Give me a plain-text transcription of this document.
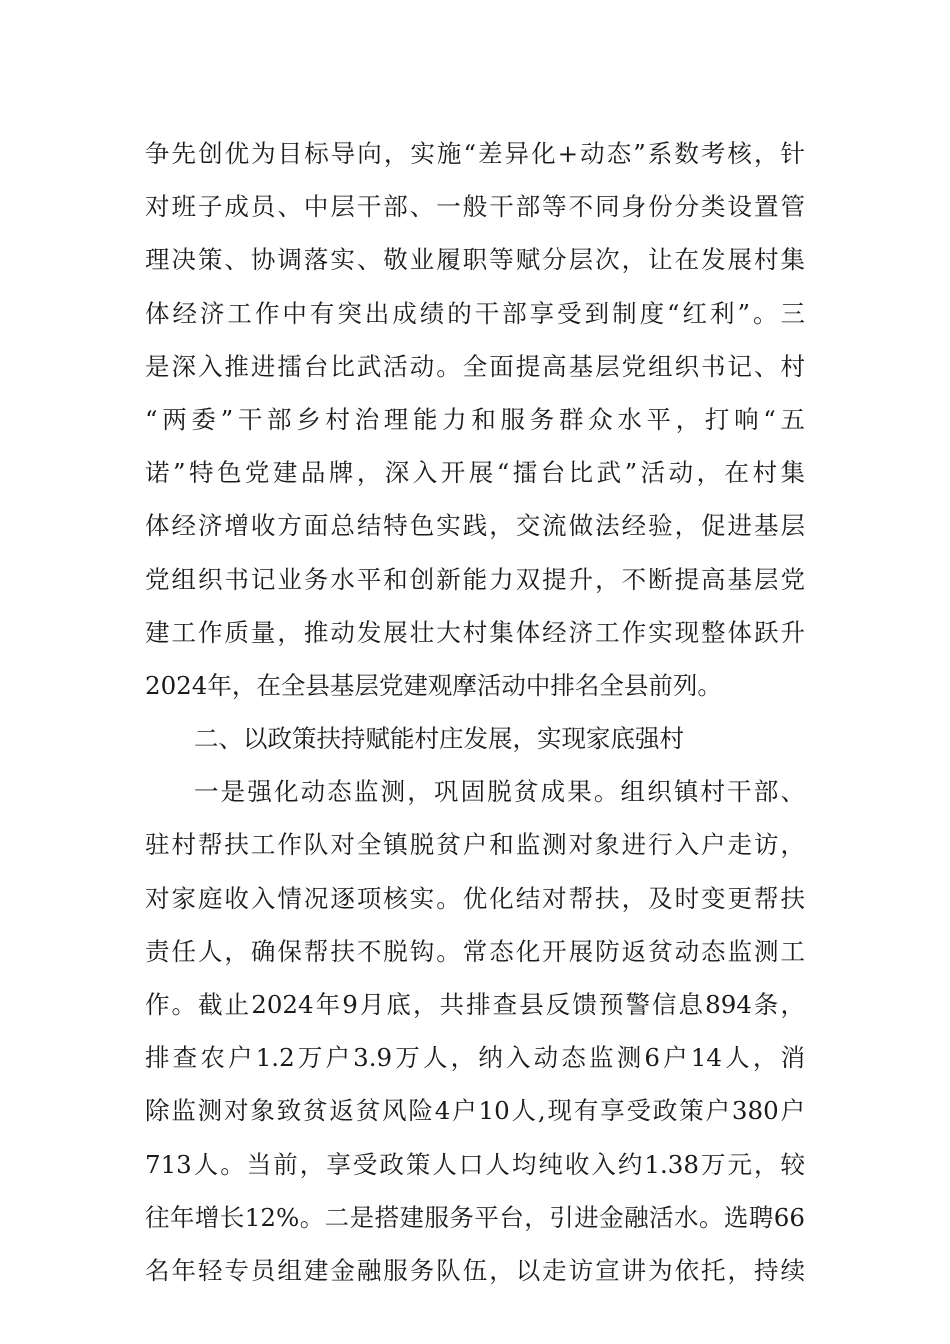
争先创优为目标导向，实施“差异化+动态”系数考核，针
对班子成员、中层干部、一般干部等不同身份分类设置管
理决策、协调落实、敬业履职等赋分层次，让在发展村集
体经济工作中有突出成绩的干部享受到制度“红利”。三
是深入推进擂台比武活动。全面提高基层党组织书记、村
“两委”干部乡村治理能力和服务群众水平，打响“五
诺”特色党建品牌，深入开展“擂台比武”活动，在村集
体经济增收方面总结特色实践，交流做法经验，促进基层
党组织书记业务水平和创新能力双提升，不断提高基层党
建工作质量，推动发展壮大村集体经济工作实现整体跃升
2024年，在全县基层党建观摩活动中排名全县前列。
二、以政策扶持赋能村庄发展，实现家底强村
一是强化动态监测，巩固脱贫成果。组织镇村干部、
驻村帮扶工作队对全镇脱贫户和监测对象进行入户走访，
对家庭收入情况逐项核实。优化结对帮扶，及时变更帮扶
责任人，确保帮扶不脱钩。常态化开展防返贫动态监测工
作。截止2024年9月底，共排查县反馈预警信息894条，
排查农户1.2万户3.9万人，纳入动态监测6户14人，消
除监测对象致贫返贫风险4户10人,现有享受政策户380户
713人。当前，享受政策人口人均纯收入约1.38万元，较
往年增长12%。二是搭建服务平台，引进金融活水。选聘66
名年轻专员组建金融服务队伍，以走访宣讲为依托，持续
